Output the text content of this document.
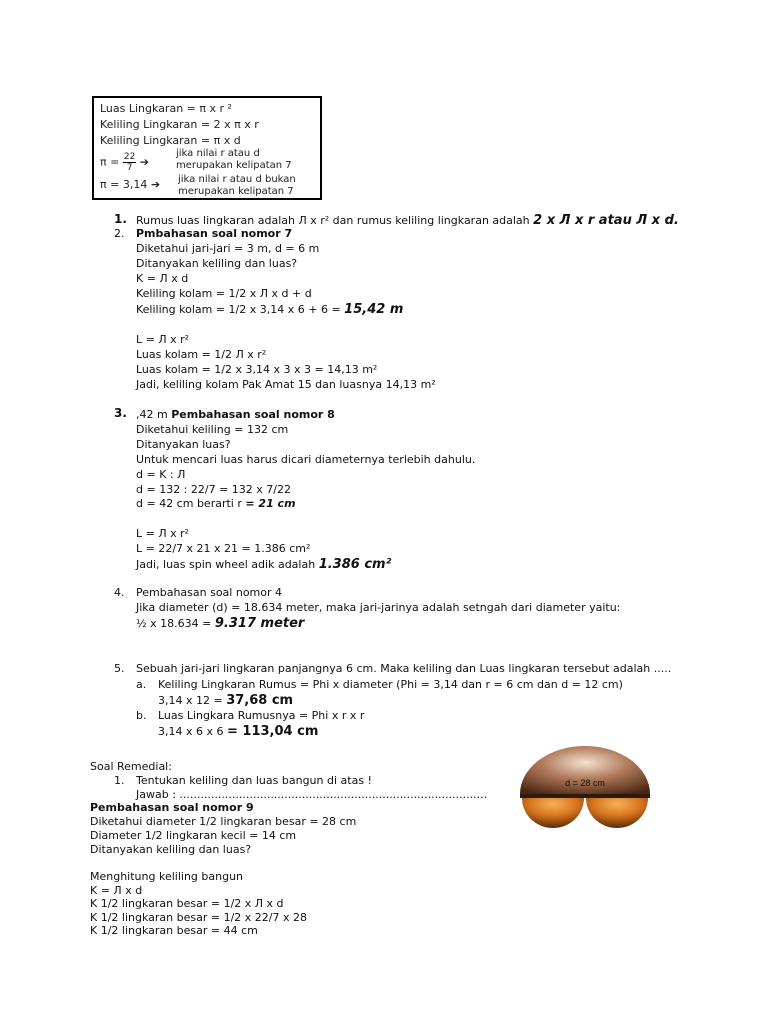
Luas Lingkaran = π x r ²
Keliling Lingkaran = 2 x π x r
Keliling Lingkaran = π x d
$\pi = \frac{22}{7}$ ➔
jika nilai r atau d
merupakan kelipatan 7
π = 3,14 ➔ jika nilai r atau d bukan
merupakan kelipatan 7
1. Rumus luas lingkaran adalah Л x r² dan rumus keliling lingkaran adalah 2 x Л x r atau Л x d.
2. Pmbahasan soal nomor 7
Diketahui jari-jari = 3 m, d = 6 m
Ditanyakan keliling dan luas?
K = Л x d
Keliling kolam = 1/2 x Л x d + d
Keliling kolam = 1/2 x 3,14 x 6 + 6 = 15,42 m
L = Л x r²
Luas kolam = 1/2 Л x r²
Luas kolam = 1/2 x 3,14 x 3 x 3 = 14,13 m²
Jadi, keliling kolam Pak Amat 15 dan luasnya 14,13 m²
3. ,42 m Pembahasan soal nomor 8
Diketahui keliling = 132 cm
Ditanyakan luas?
Untuk mencari luas harus dicari diameternya terlebih dahulu.
d = K : Л
d = 132 : 22/7 = 132 x 7/22
d = 42 cm berarti r = 21 cm
L = Л x r²
L = 22/7 x 21 x 21 = 1.386 cm²
Jadi, luas spin wheel adik adalah 1.386 cm²
4. Pembahasan soal nomor 4
Jika diameter (d) = 18.634 meter, maka jari-jarinya adalah setngah dari diameter yaitu:
½ x 18.634 = 9.317 meter
5. Sebuah jari-jari lingkaran panjangnya 6 cm. Maka keliling dan Luas lingkaran tersebut adalah .....
a. Keliling Lingkaran Rumus = Phi x diameter (Phi = 3,14 dan r = 6 cm dan d = 12 cm)
3,14 x 12 = 37,68 cm
b. Luas Lingkara Rumusnya = Phi x r x r
3,14 x 6 x 6 = 113,04 cm
Soal Remedial:
1. Tentukan keliling dan luas bangun di atas !
Jawab : ........................................................................................
Pembahasan soal nomor 9
Diketahui diameter 1/2 lingkaran besar = 28 cm
Diameter 1/2 lingkaran kecil = 14 cm
Ditanyakan keliling dan luas?
Menghitung keliling bangun
K = Л x d
K 1/2 lingkaran besar = 1/2 x Л x d
K 1/2 lingkaran besar = 1/2 x 22/7 x 28
K 1/2 lingkaran besar = 44 cm
d = 28 cm
